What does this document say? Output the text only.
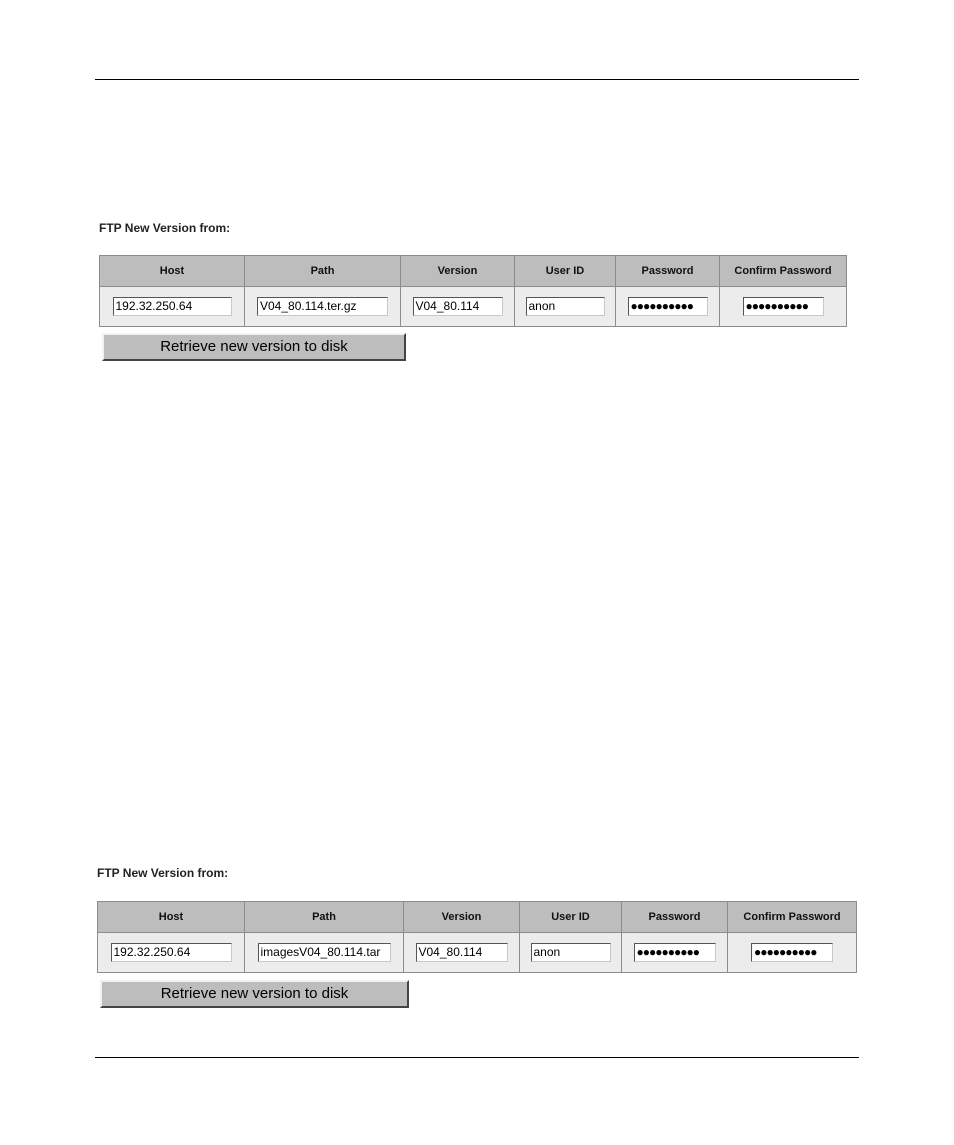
FTP New Version from:
Host	Path	Version	User ID	Password	Confirm Password
192.32.250.64	V04_80.114.ter.gz	V04_80.114	anon	●●●●●●●●●●	●●●●●●●●●●
Retrieve new version to disk
FTP New Version from:
Host	Path	Version	User ID	Password	Confirm Password
192.32.250.64	imagesV04_80.114.tar	V04_80.114	anon	●●●●●●●●●●	●●●●●●●●●●
Retrieve new version to disk
